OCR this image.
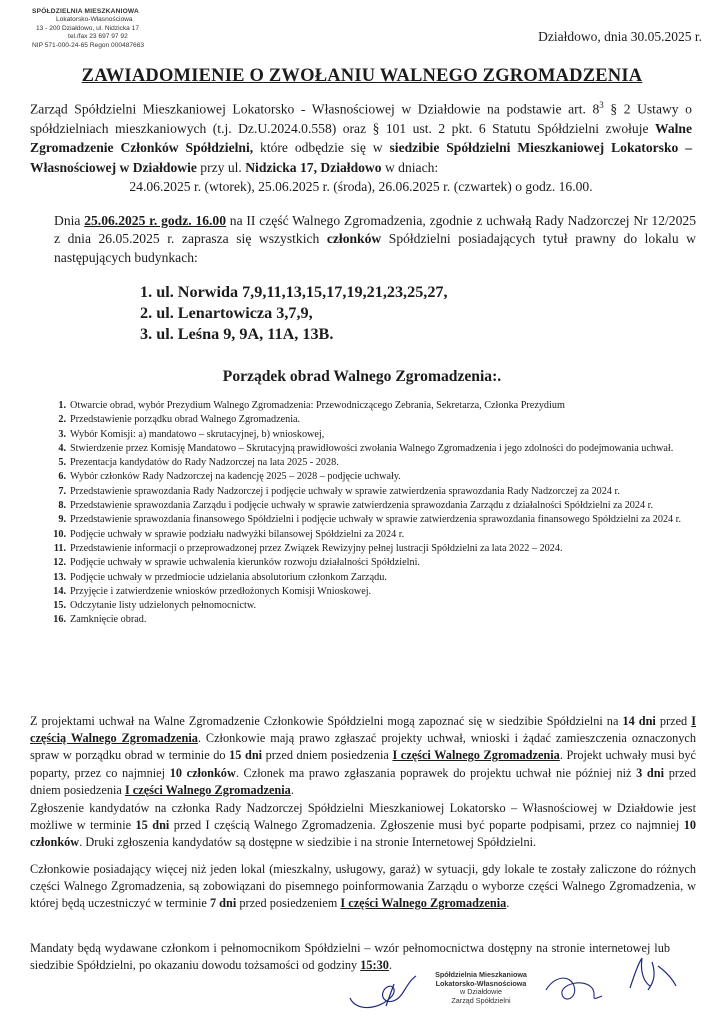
SPÓŁDZIELNIA MIESZKANIOWA
Lokatorsko-Własnościowa
13 - 200 Działdowo, ul. Nidzicka 17
tel./fax 23 697 97 92
NIP 571-000-24-65 Regon 000487663
Działdowo, dnia 30.05.2025 r.
ZAWIADOMIENIE O ZWOŁANIU WALNEGO ZGROMADZENIA
Zarząd Spółdzielni Mieszkaniowej Lokatorsko - Własnościowej w Działdowie na podstawie art. $8^3$ § 2 Ustawy o spółdzielniach mieszkaniowych (t.j. Dz.U.2024.0.558) oraz § 101 ust. 2 pkt. 6 Statutu Spółdzielni zwołuje Walne Zgromadzenie Członków Spółdzielni, które odbędzie się w siedzibie Spółdzielni Mieszkaniowej Lokatorsko – Własnościowej w Działdowie przy ul. Nidzicka 17, Działdowo w dniach:
24.06.2025 r. (wtorek), 25.06.2025 r. (środa), 26.06.2025 r. (czwartek) o godz. 16.00.
Dnia 25.06.2025 r. godz. 16.00 na II część Walnego Zgromadzenia, zgodnie z uchwałą Rady Nadzorczej Nr 12/2025 z dnia 26.05.2025 r. zaprasza się wszystkich członków Spółdzielni posiadających tytuł prawny do lokalu w następujących budynkach:
1. ul. Norwida 7,9,11,13,15,17,19,21,23,25,27,
2. ul. Lenartowicza 3,7,9,
3. ul. Leśna 9, 9A, 11A, 13B.
Porządek obrad Walnego Zgromadzenia:.
1. Otwarcie obrad, wybór Prezydium Walnego Zgromadzenia: Przewodniczącego Zebrania, Sekretarza, Członka Prezydium
2. Przedstawienie porządku obrad Walnego Zgromadzenia.
3. Wybór Komisji: a) mandatowo – skrutacyjnej, b) wnioskowej,
4. Stwierdzenie przez Komisję Mandatowo – Skrutacyjną prawidłowości zwołania Walnego Zgromadzenia i jego zdolności do podejmowania uchwał.
5. Prezentacja kandydatów do Rady Nadzorczej na lata 2025 - 2028.
6. Wybór członków Rady Nadzorczej na kadencję 2025 – 2028 – podjęcie uchwały.
7. Przedstawienie sprawozdania Rady Nadzorczej i podjęcie uchwały w sprawie zatwierdzenia sprawozdania Rady Nadzorczej za 2024 r.
8. Przedstawienie sprawozdania Zarządu i podjęcie uchwały w sprawie zatwierdzenia sprawozdania Zarządu z działalności Spółdzielni za 2024 r.
9. Przedstawienie sprawozdania finansowego Spółdzielni i podjęcie uchwały w sprawie zatwierdzenia sprawozdania finansowego Spółdzielni za 2024 r.
10. Podjęcie uchwały w sprawie podziału nadwyżki bilansowej Spółdzielni za 2024 r.
11. Przedstawienie informacji o przeprowadzonej przez Związek Rewizyjny pełnej lustracji Spółdzielni za lata 2022 – 2024.
12. Podjęcie uchwały w sprawie uchwalenia kierunków rozwoju działalności Spółdzielni.
13. Podjęcie uchwały w przedmiocie udzielania absolutorium członkom Zarządu.
14. Przyjęcie i zatwierdzenie wniosków przedłożonych Komisji Wnioskowej.
15. Odczytanie listy udzielonych pełnomocnictw.
16. Zamknięcie obrad.
Z projektami uchwał na Walne Zgromadzenie Członkowie Spółdzielni mogą zapoznać się w siedzibie Spółdzielni na 14 dni przed I częścią Walnego Zgromadzenia. Członkowie mają prawo zgłaszać projekty uchwał, wnioski i żądać zamieszczenia oznaczonych spraw w porządku obrad w terminie do 15 dni przed dniem posiedzenia I części Walnego Zgromadzenia. Projekt uchwały musi być poparty, przez co najmniej 10 członków. Członek ma prawo zgłaszania poprawek do projektu uchwał nie później niż 3 dni przed dniem posiedzenia I części Walnego Zgromadzenia.
Zgłoszenie kandydatów na członka Rady Nadzorczej Spółdzielni Mieszkaniowej Lokatorsko – Własnościowej w Działdowie jest możliwe w terminie 15 dni przed I częścią Walnego Zgromadzenia. Zgłoszenie musi być poparte podpisami, przez co najmniej 10 członków. Druki zgłoszenia kandydatów są dostępne w siedzibie i na stronie Internetowej Spółdzielni.
Członkowie posiadający więcej niż jeden lokal (mieszkalny, usługowy, garaż) w sytuacji, gdy lokale te zostały zaliczone do różnych części Walnego Zgromadzenia, są zobowiązani do pisemnego poinformowania Zarządu o wyborze części Walnego Zgromadzenia, w której będą uczestniczyć w terminie 7 dni przed posiedzeniem I części Walnego Zgromadzenia.
Mandaty będą wydawane członkom i pełnomocnikom Spółdzielni – wzór pełnomocnictwa dostępny na stronie internetowej lub siedzibie Spółdzielni, po okazaniu dowodu tożsamości od godziny 15:30.
Spółdzielnia Mieszkaniowa
Lokatorsko-Własnościowa
w Działdowie
Zarząd Spółdzielni
